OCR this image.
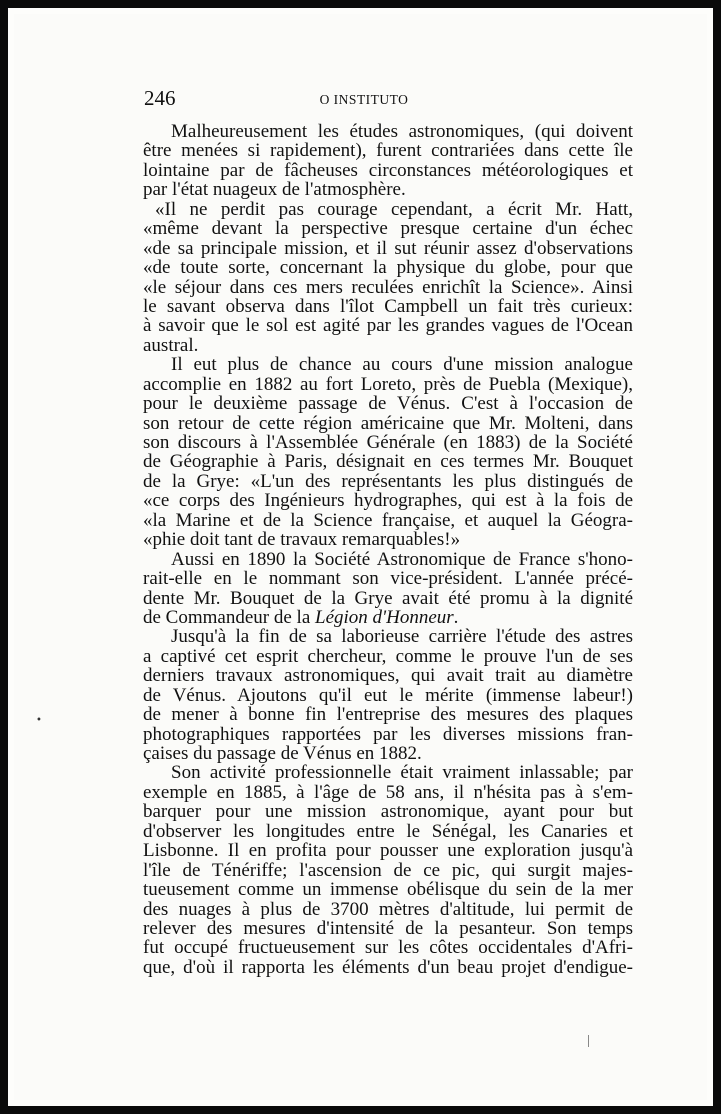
246	O INSTITUTO
Malheureusement les études astronomiques, (qui doivent
être menées si rapidement), furent contrariées dans cette île
lointaine par de fâcheuses circonstances météorologiques et
par l'état nuageux de l'atmosphère.
«Il ne perdit pas courage cependant, a écrit Mr. Hatt,
«même devant la perspective presque certaine d'un échec
«de sa principale mission, et il sut réunir assez d'observations
«de toute sorte, concernant la physique du globe, pour que
«le séjour dans ces mers reculées enrichît la Science». Ainsi
le savant observa dans l'îlot Campbell un fait très curieux:
à savoir que le sol est agité par les grandes vagues de l'Ocean
austral.
Il eut plus de chance au cours d'une mission analogue
accomplie en 1882 au fort Loreto, près de Puebla (Mexique),
pour le deuxième passage de Vénus. C'est à l'occasion de
son retour de cette région américaine que Mr. Molteni, dans
son discours à l'Assemblée Générale (en 1883) de la Société
de Géographie à Paris, désignait en ces termes Mr. Bouquet
de la Grye: «L'un des représentants les plus distingués de
«ce corps des Ingénieurs hydrographes, qui est à la fois de
«la Marine et de la Science française, et auquel la Géogra-
«phie doit tant de travaux remarquables!»
Aussi en 1890 la Société Astronomique de France s'hono-
rait-elle en le nommant son vice-président. L'année précé-
dente Mr. Bouquet de la Grye avait été promu à la dignité
de Commandeur de la Légion d'Honneur.
Jusqu'à la fin de sa laborieuse carrière l'étude des astres
a captivé cet esprit chercheur, comme le prouve l'un de ses
derniers travaux astronomiques, qui avait trait au diamètre
de Vénus. Ajoutons qu'il eut le mérite (immense labeur!)
de mener à bonne fin l'entreprise des mesures des plaques
photographiques rapportées par les diverses missions fran-
çaises du passage de Vénus en 1882.
Son activité professionnelle était vraiment inlassable; par
exemple en 1885, à l'âge de 58 ans, il n'hésita pas à s'em-
barquer pour une mission astronomique, ayant pour but
d'observer les longitudes entre le Sénégal, les Canaries et
Lisbonne. Il en profita pour pousser une exploration jusqu'à
l'île de Ténériffe; l'ascension de ce pic, qui surgit majes-
tueusement comme un immense obélisque du sein de la mer
des nuages à plus de 3700 mètres d'altitude, lui permit de
relever des mesures d'intensité de la pesanteur. Son temps
fut occupé fructueusement sur les côtes occidentales d'Afri-
que, d'où il rapporta les éléments d'un beau projet d'endigue-
•
